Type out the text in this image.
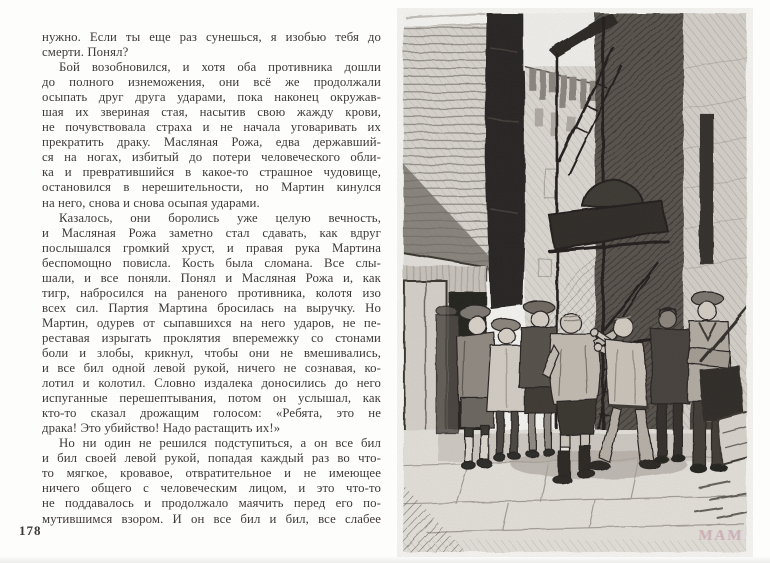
нужно. Если ты еще раз сунешься, я изобью тебя до
смерти. Понял?
Бой возобновился, и хотя оба противника дошли
до полного изнеможения, они всё же продолжали
осыпать друг друга ударами, пока наконец окружав-
шая их звериная стая, насытив свою жажду крови,
не почувствовала страха и не начала уговаривать их
прекратить драку. Масляная Рожа, едва державший-
ся на ногах, избитый до потери человеческого обли-
ка и превратившийся в какое-то страшное чудовище,
остановился в нерешительности, но Мартин кинулся
на него, снова и снова осыпая ударами.
Казалось, они боролись уже целую вечность,
и Масляная Рожа заметно стал сдавать, как вдруг
послышался громкий хруст, и правая рука Мартина
беспомощно повисла. Кость была сломана. Все слы-
шали, и все поняли. Понял и Масляная Рожа и, как
тигр, набросился на раненого противника, колотя изо
всех сил. Партия Мартина бросилась на выручку. Но
Мартин, одурев от сыпавшихся на него ударов, не пе-
реставая изрыгать проклятия вперемежку со стонами
боли и злобы, крикнул, чтобы они не вмешивались,
и все бил одной левой рукой, ничего не сознавая, ко-
лотил и колотил. Словно издалека доносились до него
испуганные перешептывания, потом он услышал, как
кто-то сказал дрожащим голосом: «Ребята, это не
драка! Это убийство! Надо растащить их!»
Но ни один не решился подступиться, а он все бил
и бил своей левой рукой, попадая каждый раз во что-
то мягкое, кровавое, отвратительное и не имеющее
ничего общего с человеческим лицом, и это что-то
не поддавалось и продолжало маячить перед его по-
мутившимся взором. И он все бил и бил, все слабее
178	МАМ
